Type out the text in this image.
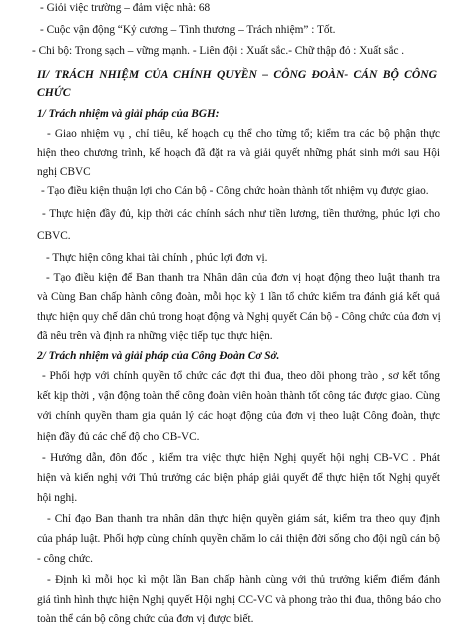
- Giỏi việc trường – đảm việc nhà: 68
- Cuộc vận động “Kỷ cương – Tình thương – Trách nhiệm” : Tốt.
- Chi bộ: Trong sạch – vững mạnh. - Liên đội : Xuất sắc.- Chữ thập đỏ : Xuất sắc .
II/ TRÁCH NHIỆM CỦA CHÍNH QUYỀN – CÔNG ĐOÀN- CÁN BỘ CÔNG
CHỨC
1/ Trách nhiệm và giải pháp của BGH:
- Giao nhiệm vụ , chỉ tiêu, kế hoạch cụ thể cho từng tổ; kiểm tra các bộ phận thực
hiện theo chương trình, kế hoạch đã đặt ra và giải quyết những phát sinh mới sau Hội
nghị CBVC
- Tạo điều kiện thuận lợi cho Cán bộ - Công chức hoàn thành tốt nhiệm vụ được giao.
- Thực hiện đầy đủ, kịp thời các chính sách như tiền lương, tiền thưởng, phúc lợi cho
CBVC.
- Thực hiện công khai tài chính , phúc lợi đơn vị.
- Tạo điều kiện để Ban thanh tra Nhân dân của đơn vị hoạt động theo luật thanh tra
và Cùng Ban chấp hành công đoàn, mỗi học kỳ 1 lần tổ chức kiểm tra đánh giá kết quả
thực hiện quy chế dân chủ trong hoạt động và Nghị quyết Cán bộ - Công chức của đơn vị
đã nêu trên và định ra những việc tiếp tục thực hiện.
2/ Trách nhiệm và giải pháp của Công Đoàn Cơ Sở.
- Phối hợp với chính quyền tổ chức các đợt thi đua, theo dõi phong trào , sơ kết tổng
kết kịp thời , vận động toàn thể công đoàn viên hoàn thành tốt công tác được giao. Cùng
với chính quyền tham gia quản lý các hoạt động của đơn vị theo luật Công đoàn, thực
hiện đầy đủ các chế độ cho CB-VC.
- Hướng dẫn, đôn đốc , kiểm tra việc thực hiện Nghị quyết hội nghị CB-VC . Phát
hiện và kiến nghị với Thủ trưởng các biện pháp giải quyết để thực hiện tốt Nghị quyết
hội nghị.
- Chỉ đạo Ban thanh tra nhân dân thực hiện quyền giám sát, kiểm tra theo quy định
của pháp luật. Phối hợp cùng chính quyền chăm lo cải thiện đời sống cho đội ngũ cán bộ
- công chức.
- Định kì mỗi học kì một lần Ban chấp hành cùng với thủ trưởng kiểm điểm đánh
giá tình hình thực hiện Nghị quyết Hội nghị CC-VC và phong trào thi đua, thông báo cho
toàn thể cán bộ công chức của đơn vị được biết.
